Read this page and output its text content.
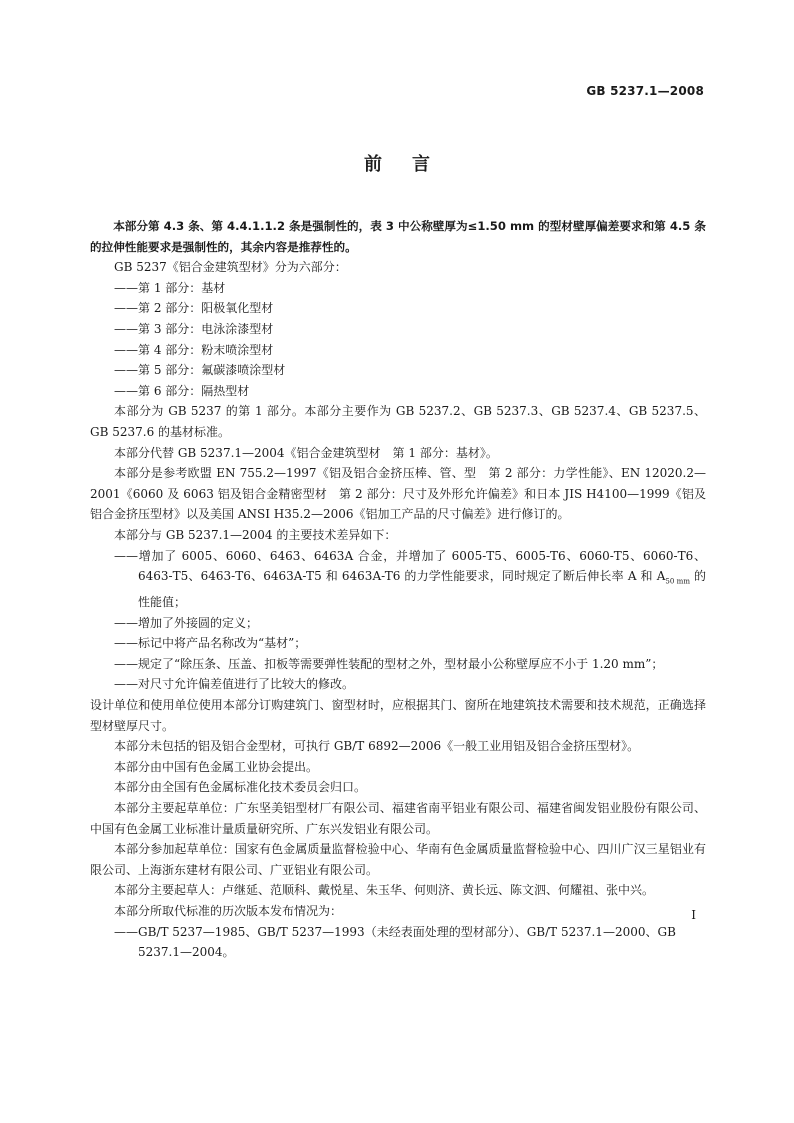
GB 5237.1—2008
前言

本部分第 4.3 条、第 4.4.1.1.2 条是强制性的，表 3 中公称壁厚为≤1.50 mm 的型材壁厚偏差要求和第 4.5 条的拉伸性能要求是强制性的，其余内容是推荐性的。

GB 5237《铝合金建筑型材》分为六部分：

——第 1 部分：基材

——第 2 部分：阳极氧化型材

——第 3 部分：电泳涂漆型材

——第 4 部分：粉末喷涂型材

——第 5 部分：氟碳漆喷涂型材

——第 6 部分：隔热型材

本部分为 GB 5237 的第 1 部分。本部分主要作为 GB 5237.2、GB 5237.3、GB 5237.4、GB 5237.5、GB 5237.6 的基材标准。

本部分代替 GB 5237.1—2004《铝合金建筑型材　第 1 部分：基材》。

本部分是参考欧盟 EN 755.2—1997《铝及铝合金挤压棒、管、型　第 2 部分：力学性能》、EN 12020.2—2001《6060 及 6063 铝及铝合金精密型材　第 2 部分：尺寸及外形允许偏差》和日本 JIS H4100—1999《铝及铝合金挤压型材》以及美国 ANSI H35.2—2006《铝加工产品的尺寸偏差》进行修订的。

本部分与 GB 5237.1—2004 的主要技术差异如下：

——增加了 6005、6060、6463、6463A 合金，并增加了 6005-T5、6005-T6、6060-T5、6060-T6、6463-T5、6463-T6、6463A-T5 和 6463A-T6 的力学性能要求，同时规定了断后伸长率 A 和 $A_{50 mm}$ 的性能值；

——增加了外接圆的定义；

——标记中将产品名称改为“基材”；

——规定了“除压条、压盖、扣板等需要弹性装配的型材之外，型材最小公称壁厚应不小于 1.20 mm”；

——对尺寸允许偏差值进行了比较大的修改。

设计单位和使用单位使用本部分订购建筑门、窗型材时，应根据其门、窗所在地建筑技术需要和技术规范，正确选择型材壁厚尺寸。

本部分未包括的铝及铝合金型材，可执行 GB/T 6892—2006《一般工业用铝及铝合金挤压型材》。

本部分由中国有色金属工业协会提出。

本部分由全国有色金属标准化技术委员会归口。

本部分主要起草单位：广东坚美铝型材厂有限公司、福建省南平铝业有限公司、福建省闽发铝业股份有限公司、中国有色金属工业标准计量质量研究所、广东兴发铝业有限公司。

本部分参加起草单位：国家有色金属质量监督检验中心、华南有色金属质量监督检验中心、四川广汉三星铝业有限公司、上海浙东建材有限公司、广亚铝业有限公司。

本部分主要起草人：卢继延、范顺科、戴悦星、朱玉华、何则济、黄长远、陈文泗、何耀祖、张中兴。

本部分所取代标准的历次版本发布情况为：

——GB/T 5237—1985、GB/T 5237—1993（未经表面处理的型材部分）、GB/T 5237.1—2000、GB 5237.1—2004。

I
